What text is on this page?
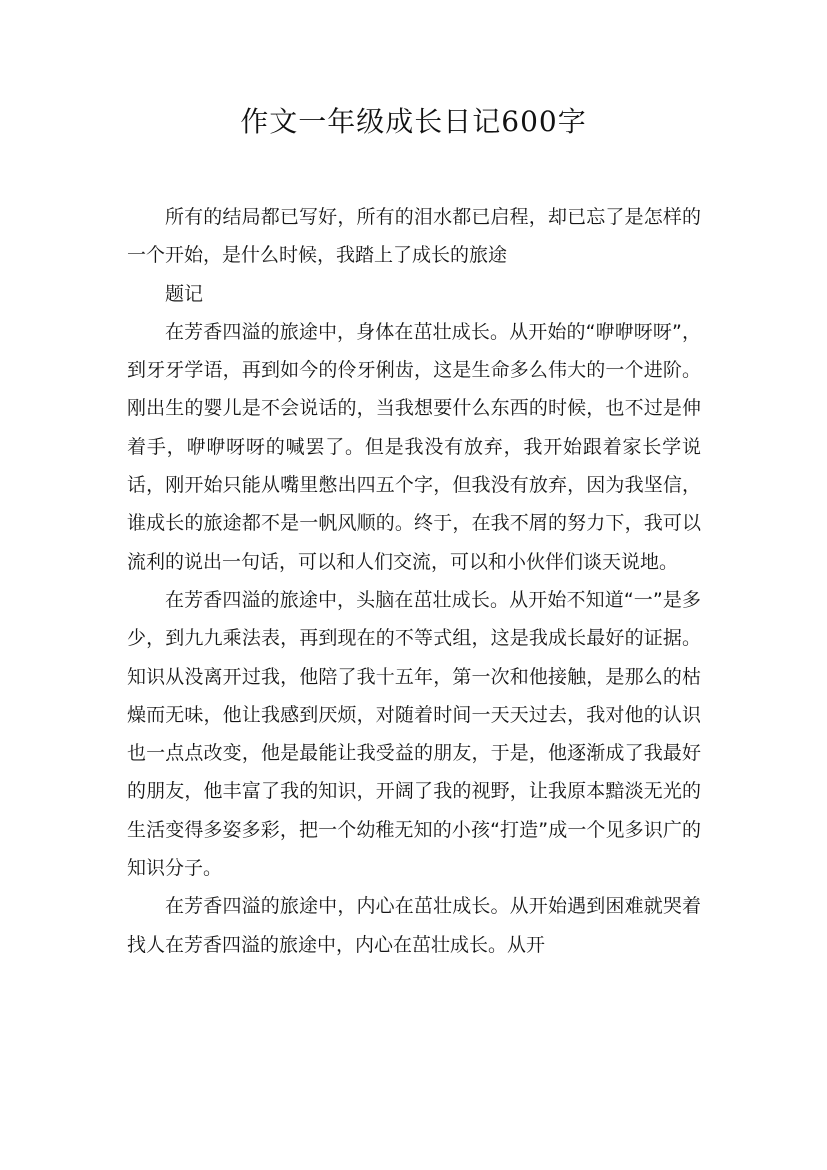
作文一年级成长日记600字

所有的结局都已写好，所有的泪水都已启程，却已忘了是怎样的一个开始，是什么时候，我踏上了成长的旅途

题记

在芳香四溢的旅途中，身体在茁壮成长。从开始的“咿咿呀呀”，到牙牙学语，再到如今的伶牙俐齿，这是生命多么伟大的一个进阶。刚出生的婴儿是不会说话的，当我想要什么东西的时候，也不过是伸着手，咿咿呀呀的喊罢了。但是我没有放弃，我开始跟着家长学说话，刚开始只能从嘴里憋出四五个字，但我没有放弃，因为我坚信，谁成长的旅途都不是一帆风顺的。终于，在我不屑的努力下，我可以流利的说出一句话，可以和人们交流，可以和小伙伴们谈天说地。

在芳香四溢的旅途中，头脑在茁壮成长。从开始不知道“一”是多少，到九九乘法表，再到现在的不等式组，这是我成长最好的证据。知识从没离开过我，他陪了我十五年，第一次和他接触，是那么的枯燥而无味，他让我感到厌烦，对随着时间一天天过去，我对他的认识也一点点改变，他是最能让我受益的朋友，于是，他逐渐成了我最好的朋友，他丰富了我的知识，开阔了我的视野，让我原本黯淡无光的生活变得多姿多彩，把一个幼稚无知的小孩“打造”成一个见多识广的知识分子。

在芳香四溢的旅途中，内心在茁壮成长。从开始遇到困难就哭着找人在芳香四溢的旅途中，内心在茁壮成长。从开
